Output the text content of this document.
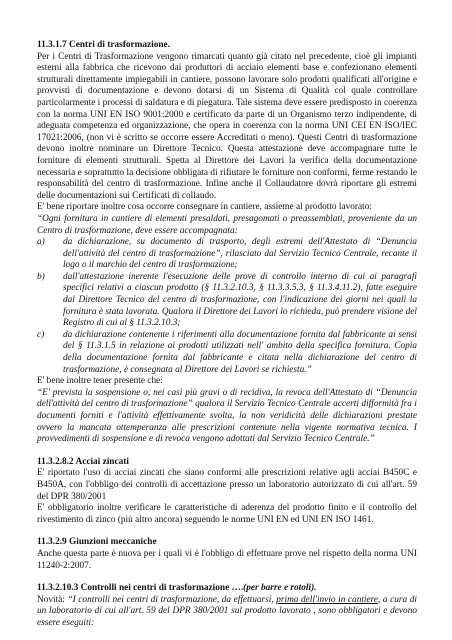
11.3.1.7 Centri di trasformazione.

Per i Centri di Trasformazione vengono rimarcati quanto già citato nel precedente, cioè gli impianti esterni alla fabbrica che ricevono dai produttori di acciaio elementi base e confezionano elementi strutturali direttamente impiegabili in cantiere, possono lavorare solo prodotti qualificati all'origine e provvisti di documentazione e devono dotarsi di un Sistema di Qualità col quale controllare particolarmente i processi di saldatura e di piegatura. Tale sistema deve essere predisposto in coerenza con la norma UNI EN ISO 9001:2000 e certificato da parte di un Organismo terzo indipendente, di adeguata competenza ed organizzazione, che opera in coerenza con la norma UNI CEI EN ISO/IEC 17021:2006, (non vi è scritto se occorre essere Accreditati o meno). Questi Centri di trasformazione devono inoltre nominare un Direttore Tecnico. Questa attestazione deve accompagnare tutte le forniture di elementi strutturali. Spetta al Direttore dei Lavori la verifica della documentazione necessaria e soprattutto la decisione obbligata di rifiutare le forniture non conformi, ferme restando le responsabilità del centro di trasformazione. Infine anche il Collaudatore dovrà riportare gli estremi delle documentazioni sui Certificati di collaudo.

E' bene riportare inoltre cosa occorre consegnare in cantiere, assieme al prodotto lavorato:

“Ogni fornitura in cantiere di elementi presaldati, presagomati o preassemblati, proveniente da un Centro di trasformazione, deve essere accompagnata:

a)	da dichiarazione, su documento di trasporto, degli estremi dell'Attestato di “Denuncia dell'attività del centro di trasformazione”, rilasciato dal Servizio Tecnico Centrale, recante il logo o il marchio del centro di trasformazione;
b)	dall'attestazione inerente l'esecuzione delle prove di controllo interno di cui ai paragrafi specifici relativi a ciascun prodotto (§ 11.3.2.10.3, § 11.3.3.5.3, § 11.3.4.11.2), fatte eseguire dal Direttore Tecnico del centro di trasformazione, con l'indicazione dei giorni nei quali la fornitura è stata lavorata. Qualora il Direttore dei Lavori lo richieda, può prendere visione del Registro di cui al § 11.3.2.10.3;
c)	da dichiarazione contenente i riferimenti alla documentazione fornita dal fabbricante ai sensi del § 11.3.1.5 in relazione ai prodotti utilizzati nell' ambito della specifica fornitura. Copia della documentazione fornita dal fabbricante e citata nella dichiarazione del centro di trasformazione, è consegnata al Direttore dei Lavori se richiesta.”

E' bene inoltre tener presente che:

“E' prevista la sospensione o, nei casi più gravi o di recidiva, la revoca dell'Attestato di “Denuncia dell'attività del centro di trasformazione” qualora il Servizio Tecnico Centrale accerti difformità fra i documenti forniti e l'attività effettivamente svolta, la non veridicità delle dichiarazioni prestate ovvero la mancata ottemperanza alle prescrizioni contenute nella vigente normativa tecnica. I provvedimenti di sospensione e di revoca vengono adottati dal Servizio Tecnico Centrale.”

11.3.2.8.2 Acciai zincati

E' riportato l'uso di acciai zincati che siano conformi alle prescrizioni relative agli acciai B450C e B450A, con l'obbligo dei controlli di accettazione presso un laboratorio autorizzato di cui all'art. 59 del DPR 380/2001

E' obbligatorio inoltre verificare le caratteristiche di aderenza del prodotto finito e il controllo del rivestimento di zinco (più altro ancora) seguendo le norme UNI EN ed UNI EN ISO 1461.

11.3.2.9 Giunzioni meccaniche

Anche questa parte è nuova per i quali vi è l'obbligo di effettuare prove nel rispetto della norma UNI 11240-2:2007.

11.3.2.10.3 Controlli nei centri di trasformazione ….(per barre e rotoli).

Novità: “I controlli nei centri di trasformazione, da effettuarsi, prima dell'invio in cantiere, a cura di un laboratorio di cui all'art. 59 del DPR 380/2001 sul prodotto lavorato , sono obbligatori e devono essere eseguiti:
